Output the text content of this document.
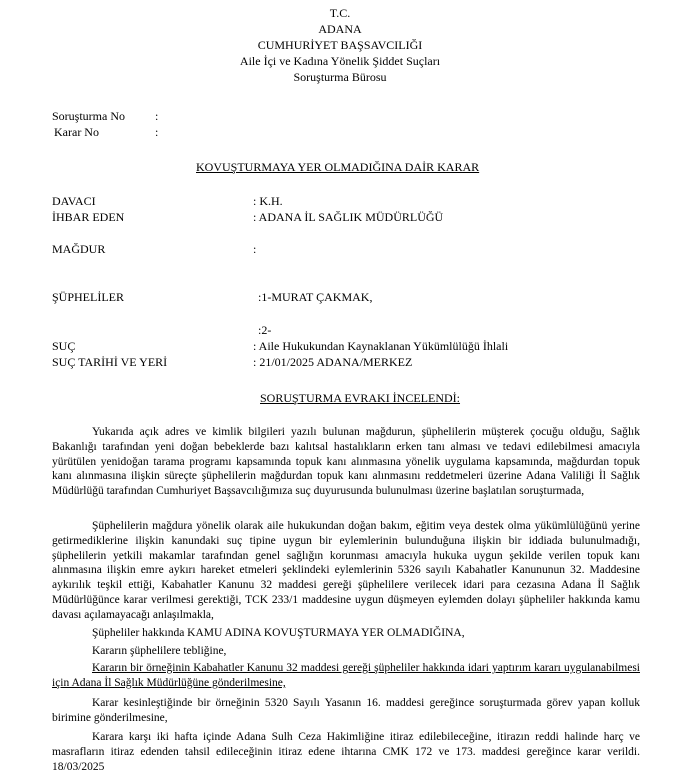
T.C.
ADANA
CUMHURİYET BAŞSAVCILIĞI
Aile İçi ve Kadına Yönelik Şiddet Suçları
Soruşturma Bürosu
Soruşturma No	:
Karar No	:
KOVUŞTURMAYA YER OLMADIĞINA DAİR KARAR
DAVACI	: K.H.
İHBAR EDEN	: ADANA İL SAĞLIK MÜDÜRLÜĞÜ
MAĞDUR	:
ŞÜPHELİLER	:1-MURAT ÇAKMAK,
:2-
SUÇ	: Aile Hukukundan Kaynaklanan Yükümlülüğü İhlali
SUÇ TARİHİ VE YERİ	: 21/01/2025 ADANA/MERKEZ
SORUŞTURMA EVRAKI İNCELENDİ:
Yukarıda açık adres ve kimlik bilgileri yazılı bulunan mağdurun, şüphelilerin müşterek çocuğu olduğu, Sağlık Bakanlığı tarafından yeni doğan bebeklerde bazı kalıtsal hastalıkların erken tanı alması ve tedavi edilebilmesi amacıyla yürütülen yenidoğan tarama programı kapsamında topuk kanı alınmasına yönelik uygulama kapsamında, mağdurdan topuk kanı alınmasına ilişkin süreçte şüphelilerin mağdurdan topuk kanı alınmasını reddetmeleri üzerine Adana Valiliği İl Sağlık Müdürlüğü tarafından Cumhuriyet Başsavcılığımıza suç duyurusunda bulunulması üzerine başlatılan soruşturmada,
Şüphelilerin mağdura yönelik olarak aile hukukundan doğan bakım, eğitim veya destek olma yükümlülüğünü yerine getirmediklerine ilişkin kanundaki suç tipine uygun bir eylemlerinin bulunduğuna ilişkin bir iddiada bulunulmadığı, şüphelilerin yetkili makamlar tarafından genel sağlığın korunması amacıyla hukuka uygun şekilde verilen topuk kanı alınmasına ilişkin emre aykırı hareket etmeleri şeklindeki eylemlerinin 5326 sayılı Kabahatler Kanununun 32. Maddesine aykırılık teşkil ettiği, Kabahatler Kanunu 32 maddesi gereği şüphelilere verilecek idari para cezasına Adana İl Sağlık Müdürlüğünce karar verilmesi gerektiği, TCK 233/1 maddesine uygun düşmeyen eylemden dolayı şüpheliler hakkında kamu davası açılamayacağı anlaşılmakla,
Şüpheliler hakkında KAMU ADINA KOVUŞTURMAYA YER OLMADIĞINA,
Kararın şüphelilere tebliğine,
Kararın bir örneğinin Kabahatler Kanunu 32 maddesi gereği şüpheliler hakkında idari yaptırım kararı uygulanabilmesi için Adana İl Sağlık Müdürlüğüne gönderilmesine,
Karar kesinleştiğinde bir örneğinin 5320 Sayılı Yasanın 16. maddesi gereğince soruşturmada görev yapan kolluk birimine gönderilmesine,
Karara karşı iki hafta içinde Adana Sulh Ceza Hakimliğine itiraz edilebileceğine, itirazın reddi halinde harç ve masrafların itiraz edenden tahsil edileceğinin itiraz edene ihtarına CMK 172 ve 173. maddesi gereğince karar verildi. 18/03/2025
